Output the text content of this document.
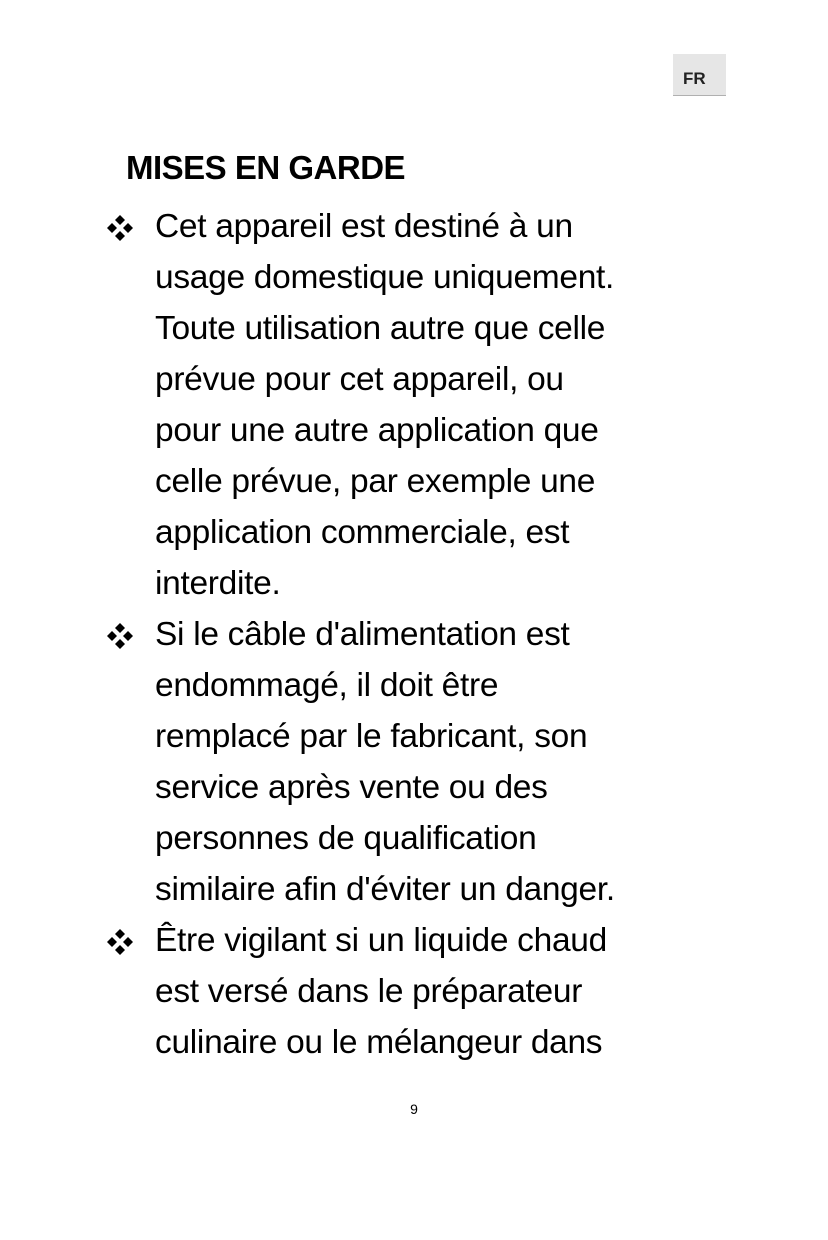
FR
MISES EN GARDE
Cet appareil est destiné à un
usage domestique uniquement.
Toute utilisation autre que celle
prévue pour cet appareil, ou
pour une autre application que
celle prévue, par exemple une
application commerciale, est
interdite.
Si le câble d'alimentation est
endommagé, il doit être
remplacé par le fabricant, son
service après vente ou des
personnes de qualification
similaire afin d'éviter un danger.
Être vigilant si un liquide chaud
est versé dans le préparateur
culinaire ou le mélangeur dans
9
